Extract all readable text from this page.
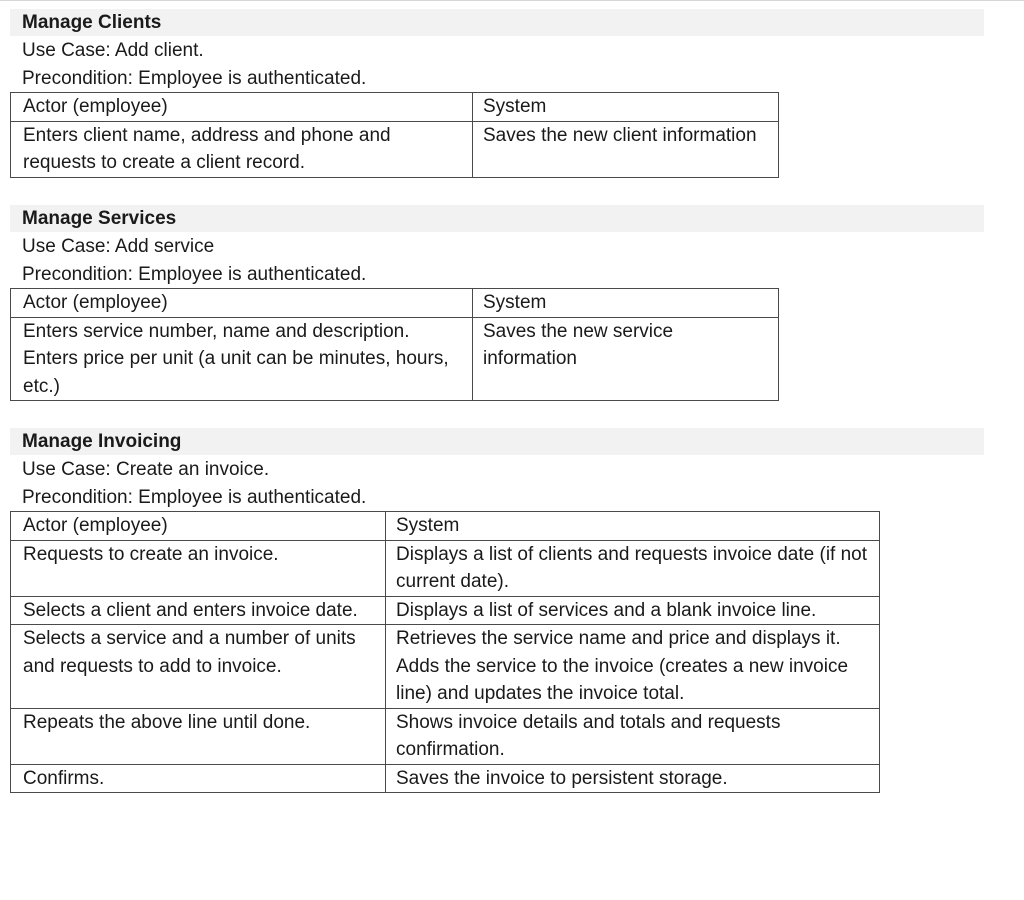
Manage Clients
Use Case: Add client.
Precondition: Employee is authenticated.
Actor (employee)	System
Enters client name, address and phone and requests to create a client record.	Saves the new client information
Manage Services
Use Case: Add service
Precondition: Employee is authenticated.
Actor (employee)	System
Enters service number, name and description. Enters price per unit (a unit can be minutes, hours, etc.)	Saves the new service information
Manage Invoicing
Use Case: Create an invoice.
Precondition: Employee is authenticated.
Actor (employee)	System
Requests to create an invoice.	Displays a list of clients and requests invoice date (if not current date).
Selects a client and enters invoice date.	Displays a list of services and a blank invoice line.
Selects a service and a number of units and requests to add to invoice.	Retrieves the service name and price and displays it. Adds the service to the invoice (creates a new invoice line) and updates the invoice total.
Repeats the above line until done.	Shows invoice details and totals and requests confirmation.
Confirms.	Saves the invoice to persistent storage.
